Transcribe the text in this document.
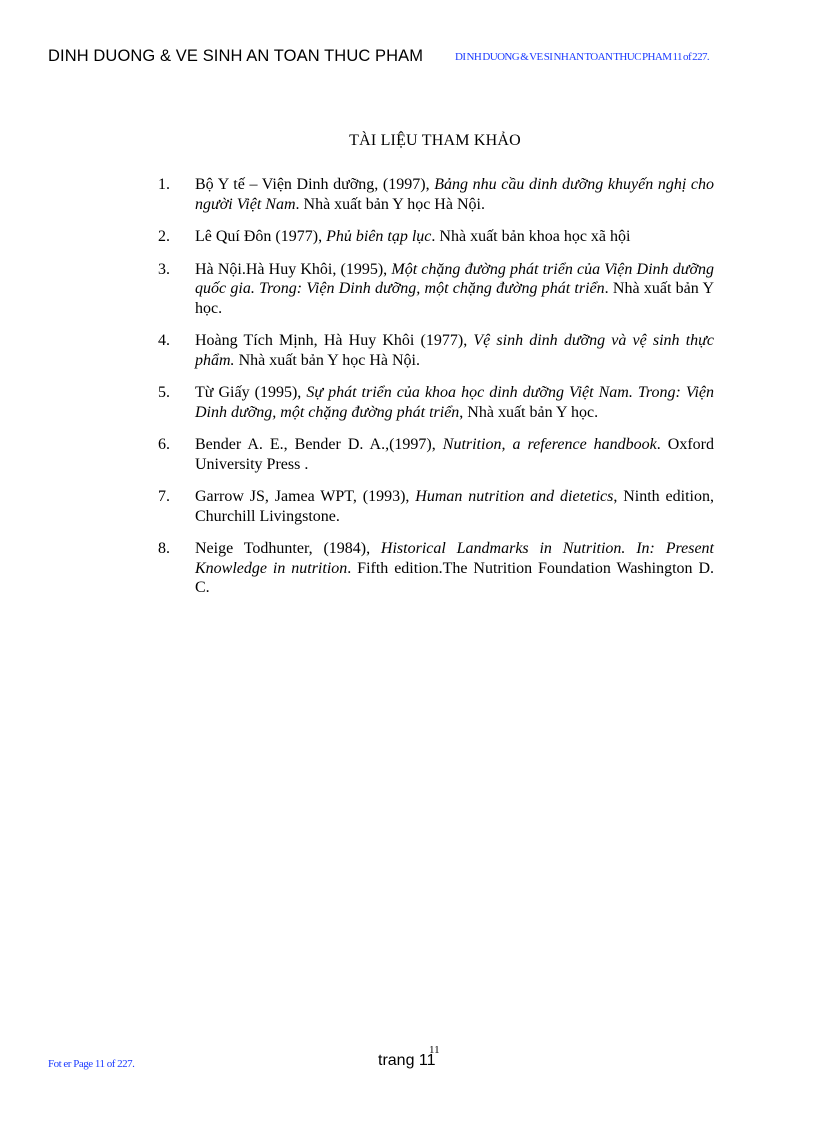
DINH DUONG & VE SINH AN TOAN THUC PHAM	DI NH DUONG & VE SI NH AN TOAN THUC PHAM 11 of 227.
TÀI LIỆU THAM KHẢO
1.	Bộ Y tế – Viện Dinh dưỡng, (1997), Bảng nhu cầu dinh dưỡng khuyến nghị cho người Việt Nam. Nhà xuất bản Y học Hà Nội.
2.	Lê Quí Đôn (1977), Phủ biên tạp lục. Nhà xuất bản khoa học xã hội
3.	Hà Nội.Hà Huy Khôi, (1995), Một chặng đường phát triển của Viện Dinh dưỡng quốc gia. Trong: Viện Dinh dưỡng, một chặng đường phát triển. Nhà xuất bản Y học.
4.	Hoàng Tích Mịnh, Hà Huy Khôi (1977), Vệ sinh dinh dưỡng và vệ sinh thực phẩm. Nhà xuất bản Y học Hà Nội.
5.	Từ Giấy (1995), Sự phát triển của khoa học dinh dưỡng Việt Nam. Trong: Viện Dinh dưỡng, một chặng đường phát triển, Nhà xuất bản Y học.
6.	Bender A. E., Bender D. A.,(1997), Nutrition, a reference handbook. Oxford University Press .
7.	Garrow JS, Jamea WPT, (1993), Human nutrition and dietetics, Ninth edition, Churchill Livingstone.
8.	Neige Todhunter, (1984), Historical Landmarks in Nutrition. In: Present Knowledge in nutrition. Fifth edition.The Nutrition Foundation Washington D. C.
Fot er Page 11 of 227.	trang 11
11
